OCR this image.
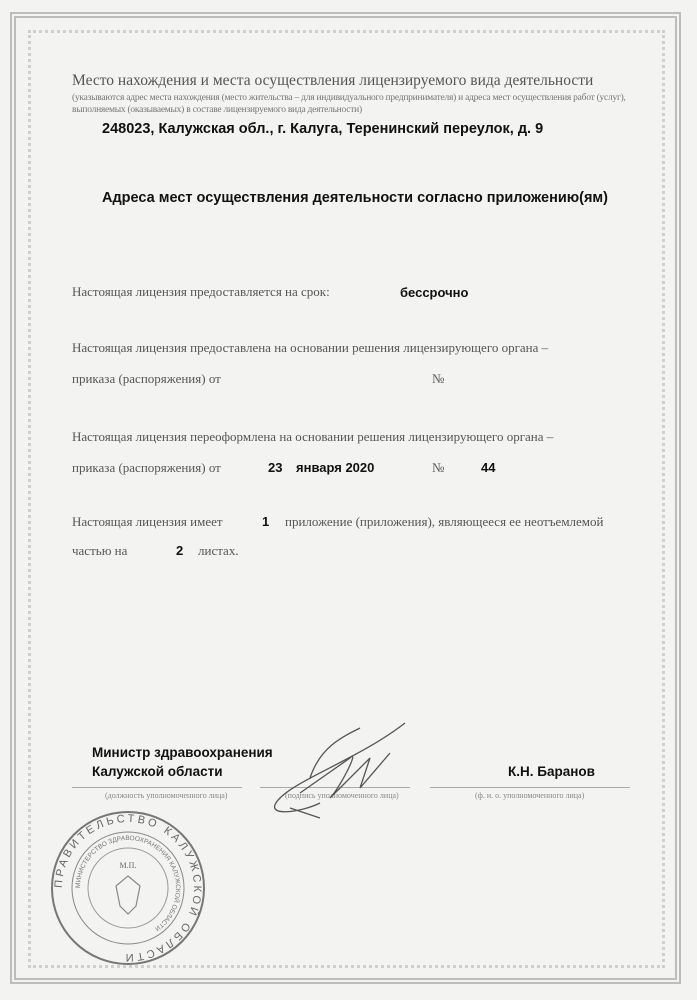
Место нахождения и места осуществления лицензируемого вида деятельности
(указываются адрес места нахождения (место жительства – для индивидуального предпринимателя) и адреса мест осуществления работ (услуг),
выполняемых (оказываемых) в составе лицензируемого вида деятельности)
248023, Калужская обл., г. Калуга, Теренинский переулок, д. 9
Адреса мест осуществления деятельности согласно приложению(ям)
Настоящая лицензия предоставляется на срок:	бессрочно
Настоящая лицензия предоставлена на основании решения лицензирующего органа –
приказа (распоряжения) от	№
Настоящая лицензия переоформлена на основании решения лицензирующего органа –
приказа (распоряжения) от	23 января 2020	№	44
Настоящая лицензия имеет	1 приложение (приложения), являющееся ее неотъемлемой
частью на	2 листах.
Министр здравоохранения
Калужской области	К.Н. Баранов
(должность уполномоченного лица)	(подпись уполномоченного лица)	(ф. и. о. уполномоченного лица)
ПРАВИТЕЛЬСТВО КАЛУЖСКОЙ ОБЛАСТИ
МИНИСТЕРСТВО ЗДРАВООХРАНЕНИЯ КАЛУЖСКОЙ ОБЛАСТИ
М.П.
